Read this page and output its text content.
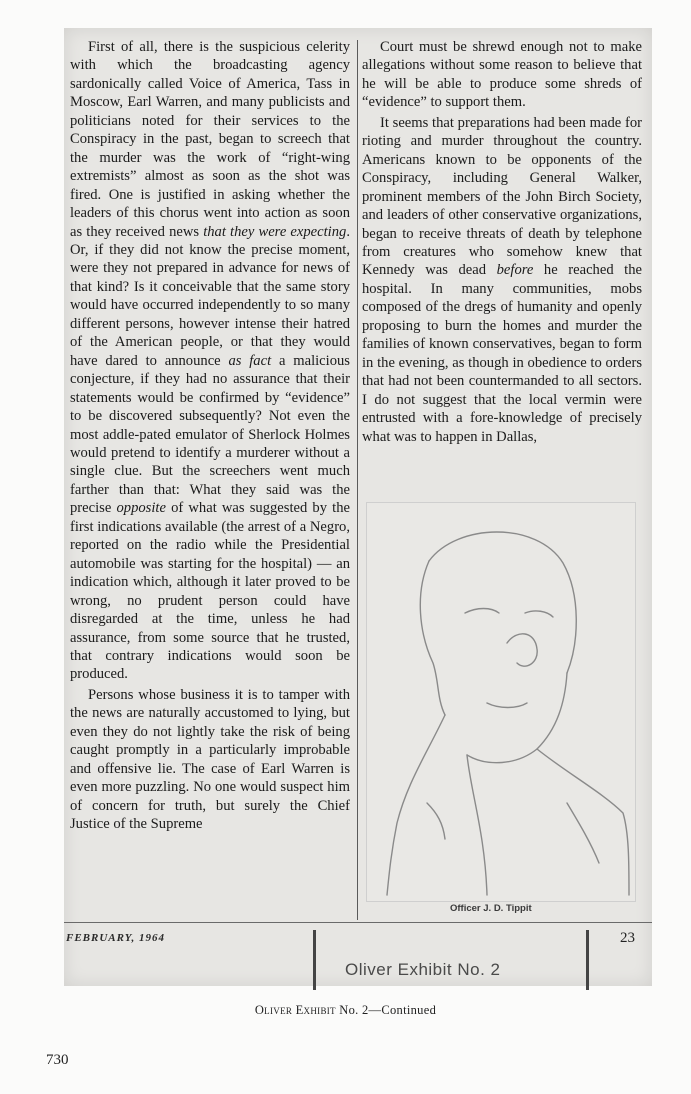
First of all, there is the suspicious celerity with which the broadcasting agency sardonically called Voice of America, Tass in Moscow, Earl Warren, and many publicists and politicians noted for their services to the Conspiracy in the past, began to screech that the murder was the work of “right-wing extremists” almost as soon as the shot was fired. One is justified in asking whether the leaders of this chorus went into action as soon as they received news that they were expecting. Or, if they did not know the precise moment, were they not prepared in advance for news of that kind? Is it conceivable that the same story would have occurred independently to so many different persons, however intense their hatred of the American people, or that they would have dared to announce as fact a malicious conjecture, if they had no assurance that their statements would be confirmed by “evidence” to be discovered subsequently? Not even the most addle-pated emulator of Sherlock Holmes would pretend to identify a murderer without a single clue. But the screechers went much farther than that: What they said was the precise opposite of what was suggested by the first indications available (the arrest of a Negro, reported on the radio while the Presidential automobile was starting for the hospital) — an indication which, although it later proved to be wrong, no prudent person could have disregarded at the time, unless he had assurance, from some source that he trusted, that contrary indications would soon be produced.

Persons whose business it is to tamper with the news are naturally accustomed to lying, but even they do not lightly take the risk of being caught promptly in a particularly improbable and offensive lie. The case of Earl Warren is even more puzzling. No one would suspect him of concern for truth, but surely the Chief Justice of the Supreme

Court must be shrewd enough not to make allegations without some reason to believe that he will be able to produce some shreds of “evidence” to support them.

It seems that preparations had been made for rioting and murder throughout the country. Americans known to be opponents of the Conspiracy, including General Walker, prominent members of the John Birch Society, and leaders of other conservative organizations, began to receive threats of death by telephone from creatures who somehow knew that Kennedy was dead before he reached the hospital. In many communities, mobs composed of the dregs of humanity and openly proposing to burn the homes and murder the families of known conservatives, began to form in the evening, as though in obedience to orders that had not been countermanded to all sectors. I do not suggest that the local vermin were entrusted with a fore-knowledge of precisely what was to happen in Dallas,

Officer J. D. Tippit
FEBRUARY, 1964	23
Oliver Exhibit No. 2
Oliver Exhibit No. 2—Continued
730
